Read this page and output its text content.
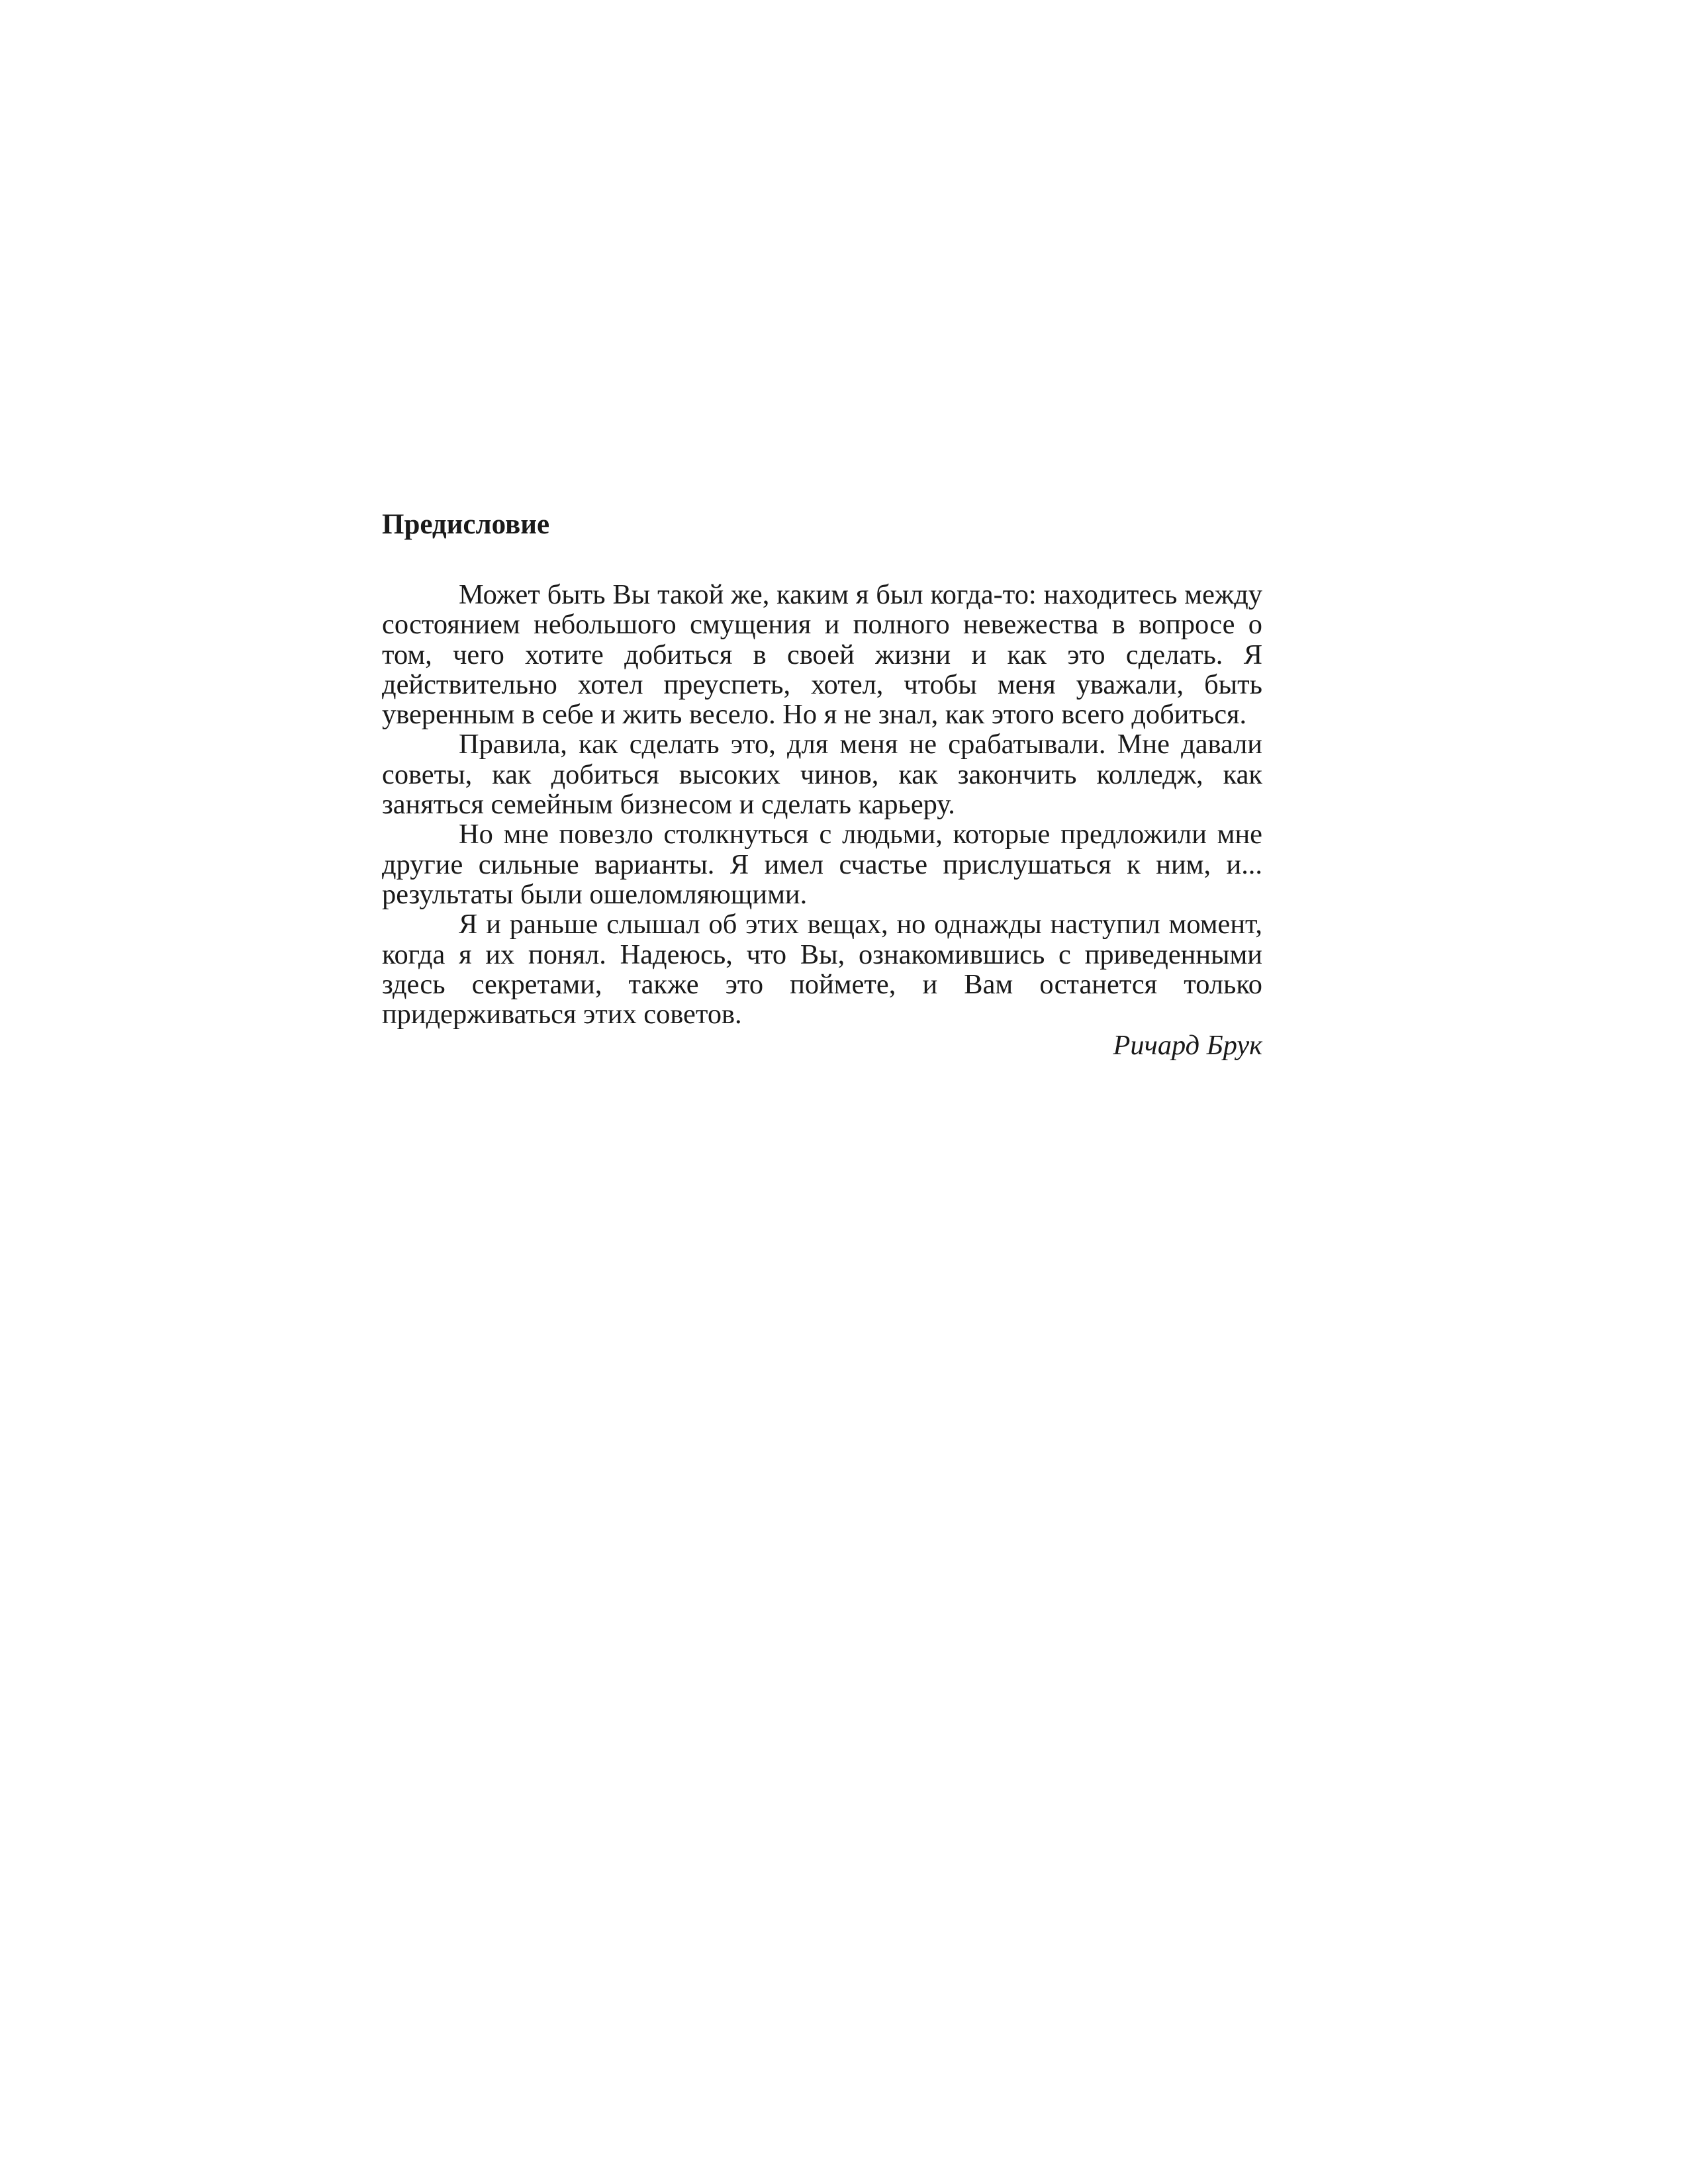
Предисловие

Может быть Вы такой же, каким я был когда-то: находитесь между состоянием небольшого смущения и полного невежества в вопросе о том, чего хотите добиться в своей жизни и как это сделать. Я действительно хотел преуспеть, хотел, чтобы меня уважали, быть уверенным в себе и жить весело. Но я не знал, как этого всего добиться.

Правила, как сделать это, для меня не срабатывали. Мне давали советы, как добиться высоких чинов, как закончить колледж, как заняться семейным бизнесом и сделать карьеру.

Но мне повезло столкнуться с людьми, которые предложили мне другие сильные варианты. Я имел счастье прислушаться к ним, и... результаты были ошеломляющими.

Я и раньше слышал об этих вещах, но однажды наступил момент, когда я их понял. Надеюсь, что Вы, ознакомившись с приведенными здесь секретами, также это поймете, и Вам останется только придерживаться этих советов.

Ричард Брук
